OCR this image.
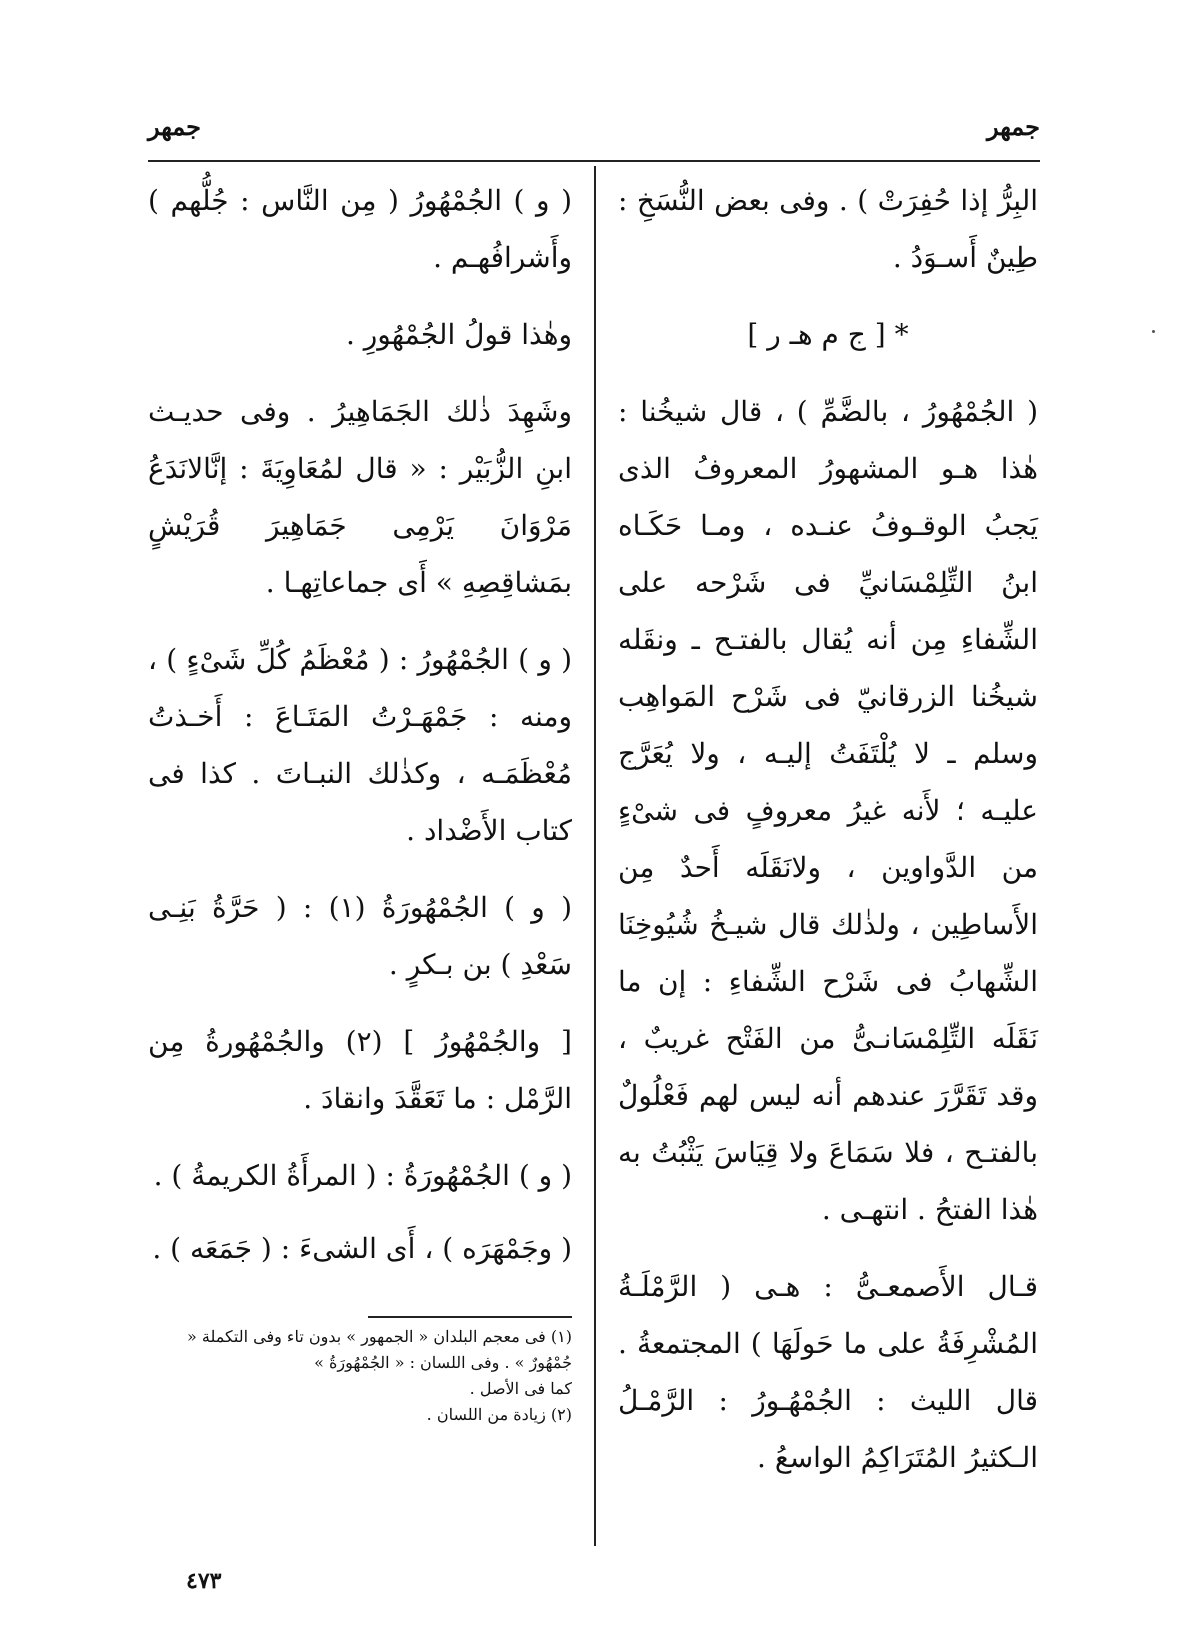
جمهر	جمهر

البِرُّ إذا حُفِرَتْ ) . وفى بعض النُّسَخِ : طِينٌ أَسـوَدُ .

* [ ج م هـ ر ]

( الجُمْهُورُ ، بالضَّمِّ ) ، قال شيخُنا : هٰذا هـو المشهورُ المعروفُ الذى يَجبُ الوقـوفُ عنـده ، ومـا حَكَـاه ابنُ التِّلِمْسَانيِّ فى شَرْحه على الشِّفاءِ مِن أنه يُقال بالفتـح ـ ونقَله شيخُنا الزرقانيّ فى شَرْح المَواهِب وسلم ـ لا يُلْتَفَتُ إليـه ، ولا يُعَرَّج عليـه ؛ لأَنه غيرُ معروفٍ فى شىْءٍ من الدَّواوين ، ولانَقَلَه أَحدٌ مِن الأَساطِين ، ولذٰلك قال شيـخُ شُيُوخِنَا الشِّهابُ فى شَرْح الشِّفاءِ : إن ما نَقَلَه التِّلِمْسَانـىُّ من الفَتْح غريبٌ ، وقد تَقَرَّرَ عندهم أنه ليس لهم فَعْلُولٌ بالفتـح ، فلا سَمَاعَ ولا قِيَاسَ يَثْبُتُ به هٰذا الفتحُ . انتهـى .

قـال الأَصمعـىُّ : هـى ( الرَّمْلَـةُ المُشْرِفَةُ على ما حَولَهَا ) المجتمعةُ . قال الليث : الجُمْهُـورُ : الرَّمْـلُ الـكثيرُ المُتَرَاكِمُ الواسعُ .

( و ) الجُمْهُورُ ( مِن النَّاس : جُلُّهم ) وأَشرافُهـم .

وهٰذا قولُ الجُمْهُورِ .

وشَهِدَ ذٰلك الجَمَاهِيرُ . وفى حديـث ابنِ الزُّبَيْر : « قال لمُعَاوِيَةَ : إنَّالانَدَعُ مَرْوَانَ يَرْمِى جَمَاهِيرَ قُرَيْشٍ بمَشاقِصِهِ » أَى جماعاتِهـا .

( و ) الجُمْهُورُ : ( مُعْظَمُ كُلِّ شَىْءٍ ) ، ومنه : جَمْهَـرْتُ المَتَـاعَ : أَخـذتُ مُعْظَمَـه ، وكذٰلك النبـاتَ . كذا فى كتاب الأَضْداد .

( و ) الجُمْهُورَةُ (١) : ( حَرَّةُ بَنِـى سَعْدِ ) بن بـكرٍ .

[ والجُمْهُورُ ] (٢) والجُمْهُورةُ مِن الرَّمْل : ما تَعَقَّدَ وانقادَ .

( و ) الجُمْهُورَةُ : ( المرأَةُ الكريمةُ ) .

( وجَمْهَرَه ) ، أَى الشىءَ : ( جَمَعَه ) .

(١) فى معجم البلدان « الجمهور » بدون تاء وفى التكملة « جُمْهُورٌ » . وفى اللسان : « الجُمْهُورَةُ »

كما فى الأصل .

(٢) زيادة من اللسان .

٤٧٣
